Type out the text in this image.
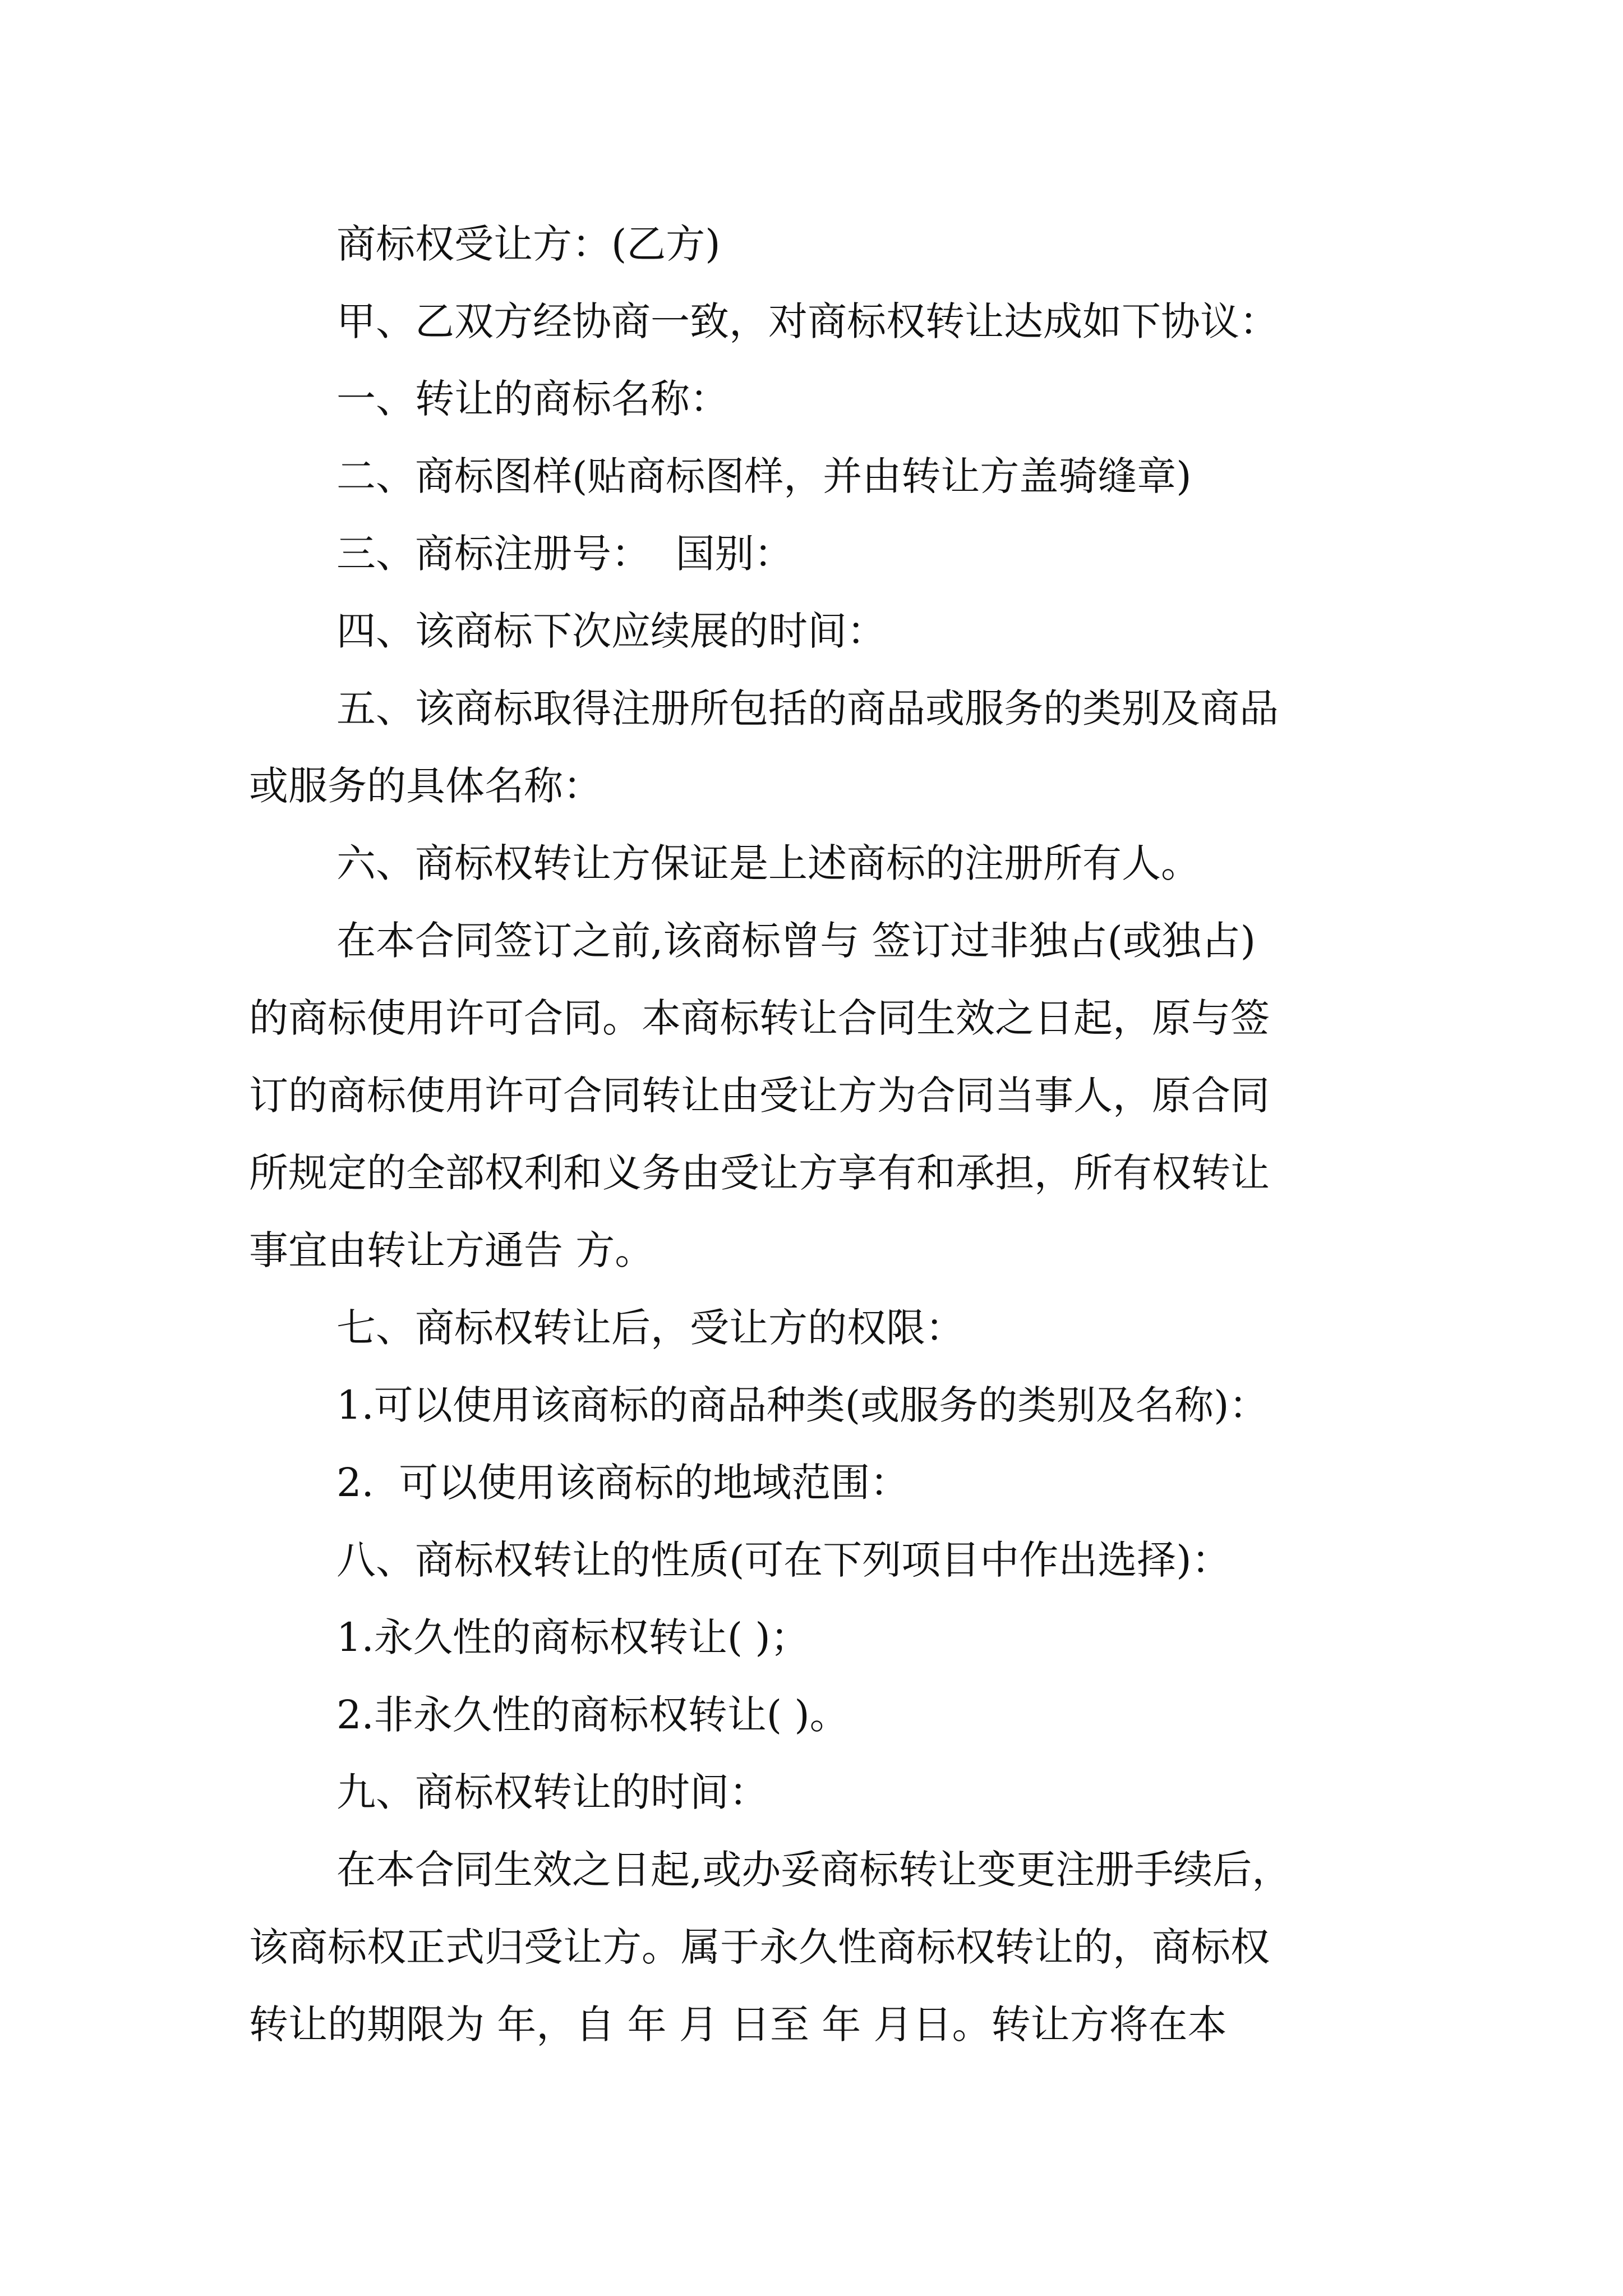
商标权受让方：(乙方)

甲、乙双方经协商一致，对商标权转让达成如下协议：

一、转让的商标名称：

二、商标图样(贴商标图样，并由转让方盖骑缝章)

三、商标注册号：  国别：

四、该商标下次应续展的时间：

五、该商标取得注册所包括的商品或服务的类别及商品

或服务的具体名称：

六、商标权转让方保证是上述商标的注册所有人。

在本合同签订之前,该商标曾与 签订过非独占(或独占)

的商标使用许可合同。本商标转让合同生效之日起，原与签

订的商标使用许可合同转让由受让方为合同当事人，原合同

所规定的全部权利和义务由受让方享有和承担，所有权转让

事宜由转让方通告 方。

七、商标权转让后，受让方的权限：

1.可以使用该商标的商品种类(或服务的类别及名称)：

2.  可以使用该商标的地域范围：

八、商标权转让的性质(可在下列项目中作出选择)：

1.永久性的商标权转让( )；

2.非永久性的商标权转让( )。

九、商标权转让的时间：

在本合同生效之日起,或办妥商标转让变更注册手续后，

该商标权正式归受让方。属于永久性商标权转让的，商标权

转让的期限为 年，自 年 月 日至 年 月日。转让方将在本
